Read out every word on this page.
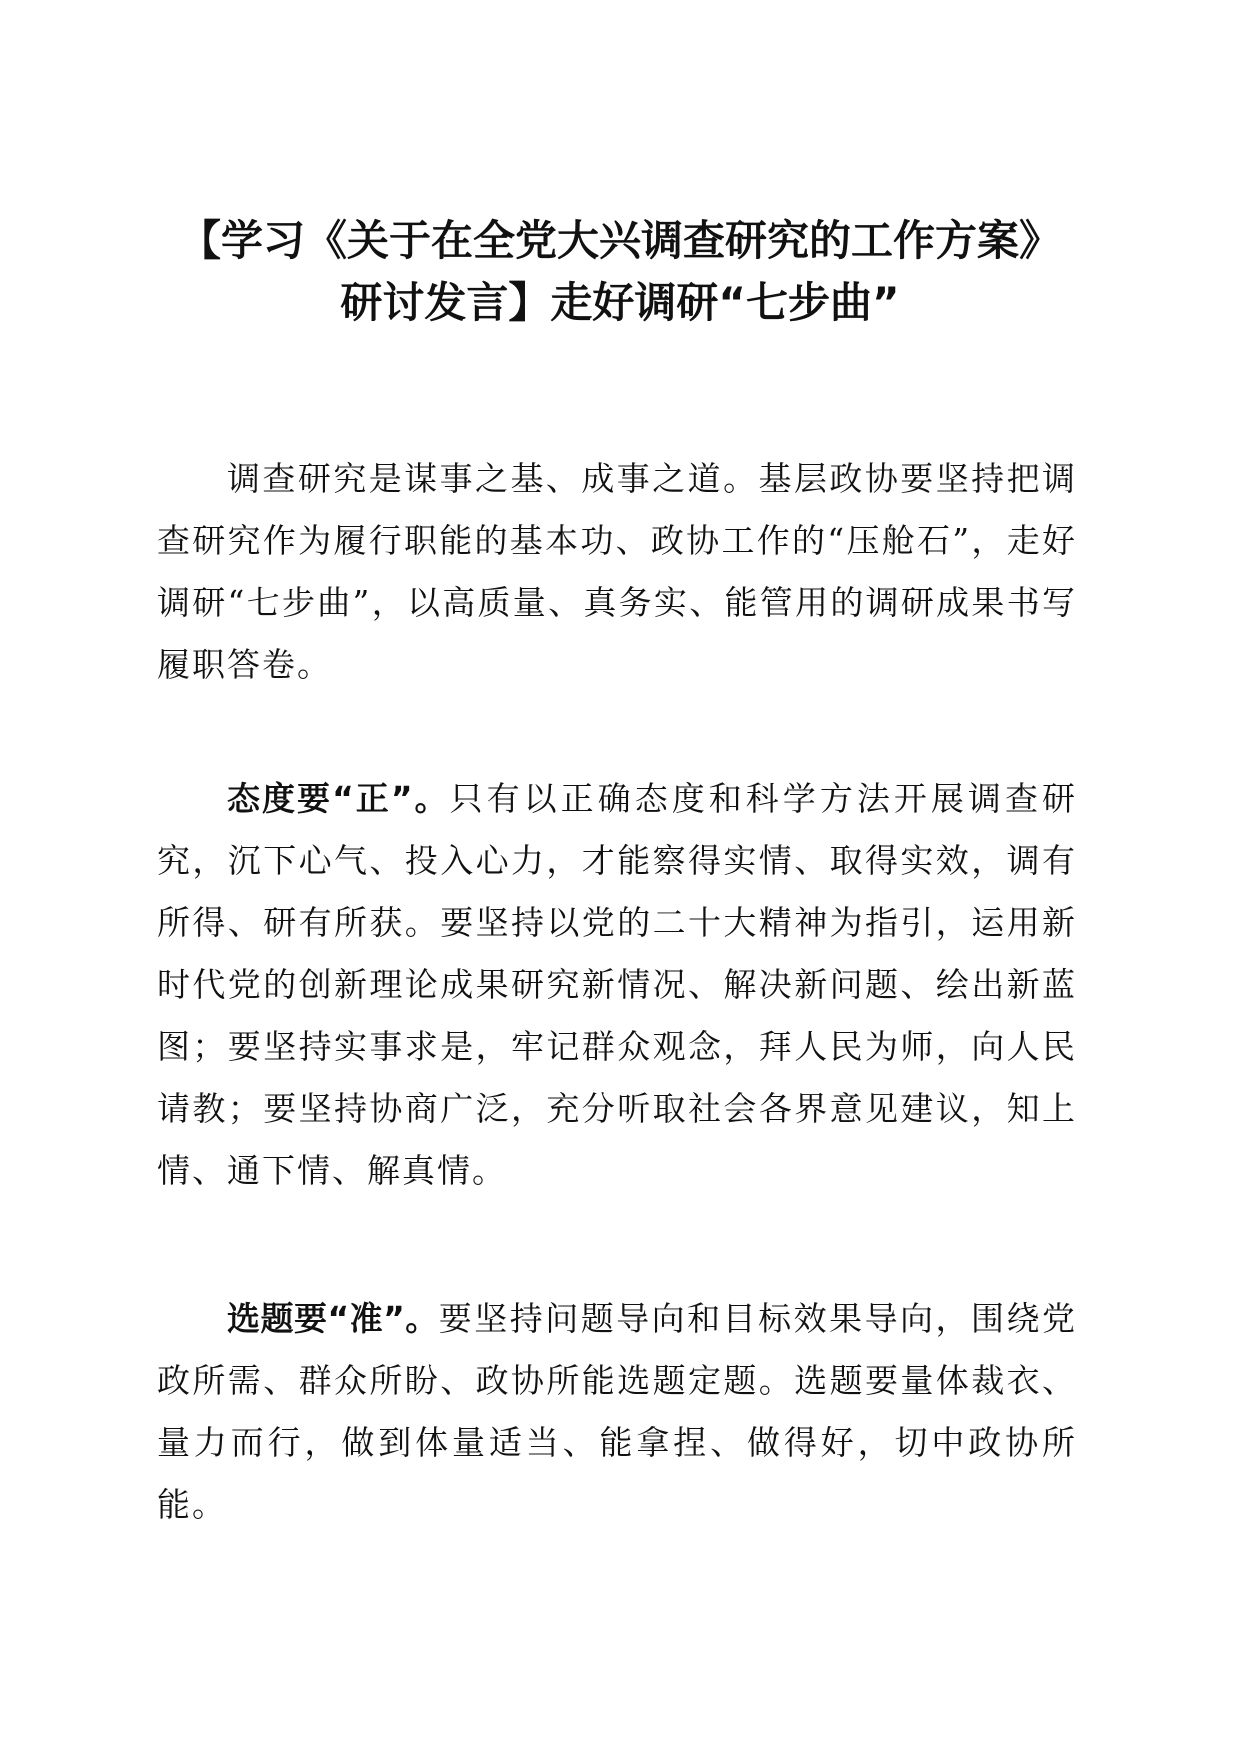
【学习《关于在全党大兴调查研究的工作方案》研讨发言】走好调研“七步曲”

调查研究是谋事之基、成事之道。基层政协要坚持把调查研究作为履行职能的基本功、政协工作的“压舱石”，走好调研“七步曲”，以高质量、真务实、能管用的调研成果书写履职答卷。

态度要“正”。只有以正确态度和科学方法开展调查研究，沉下心气、投入心力，才能察得实情、取得实效，调有所得、研有所获。要坚持以党的二十大精神为指引，运用新时代党的创新理论成果研究新情况、解决新问题、绘出新蓝图；要坚持实事求是，牢记群众观念，拜人民为师，向人民请教；要坚持协商广泛，充分听取社会各界意见建议，知上情、通下情、解真情。

选题要“准”。要坚持问题导向和目标效果导向，围绕党政所需、群众所盼、政协所能选题定题。选题要量体裁衣、量力而行，做到体量适当、能拿捏、做得好，切中政协所能。
